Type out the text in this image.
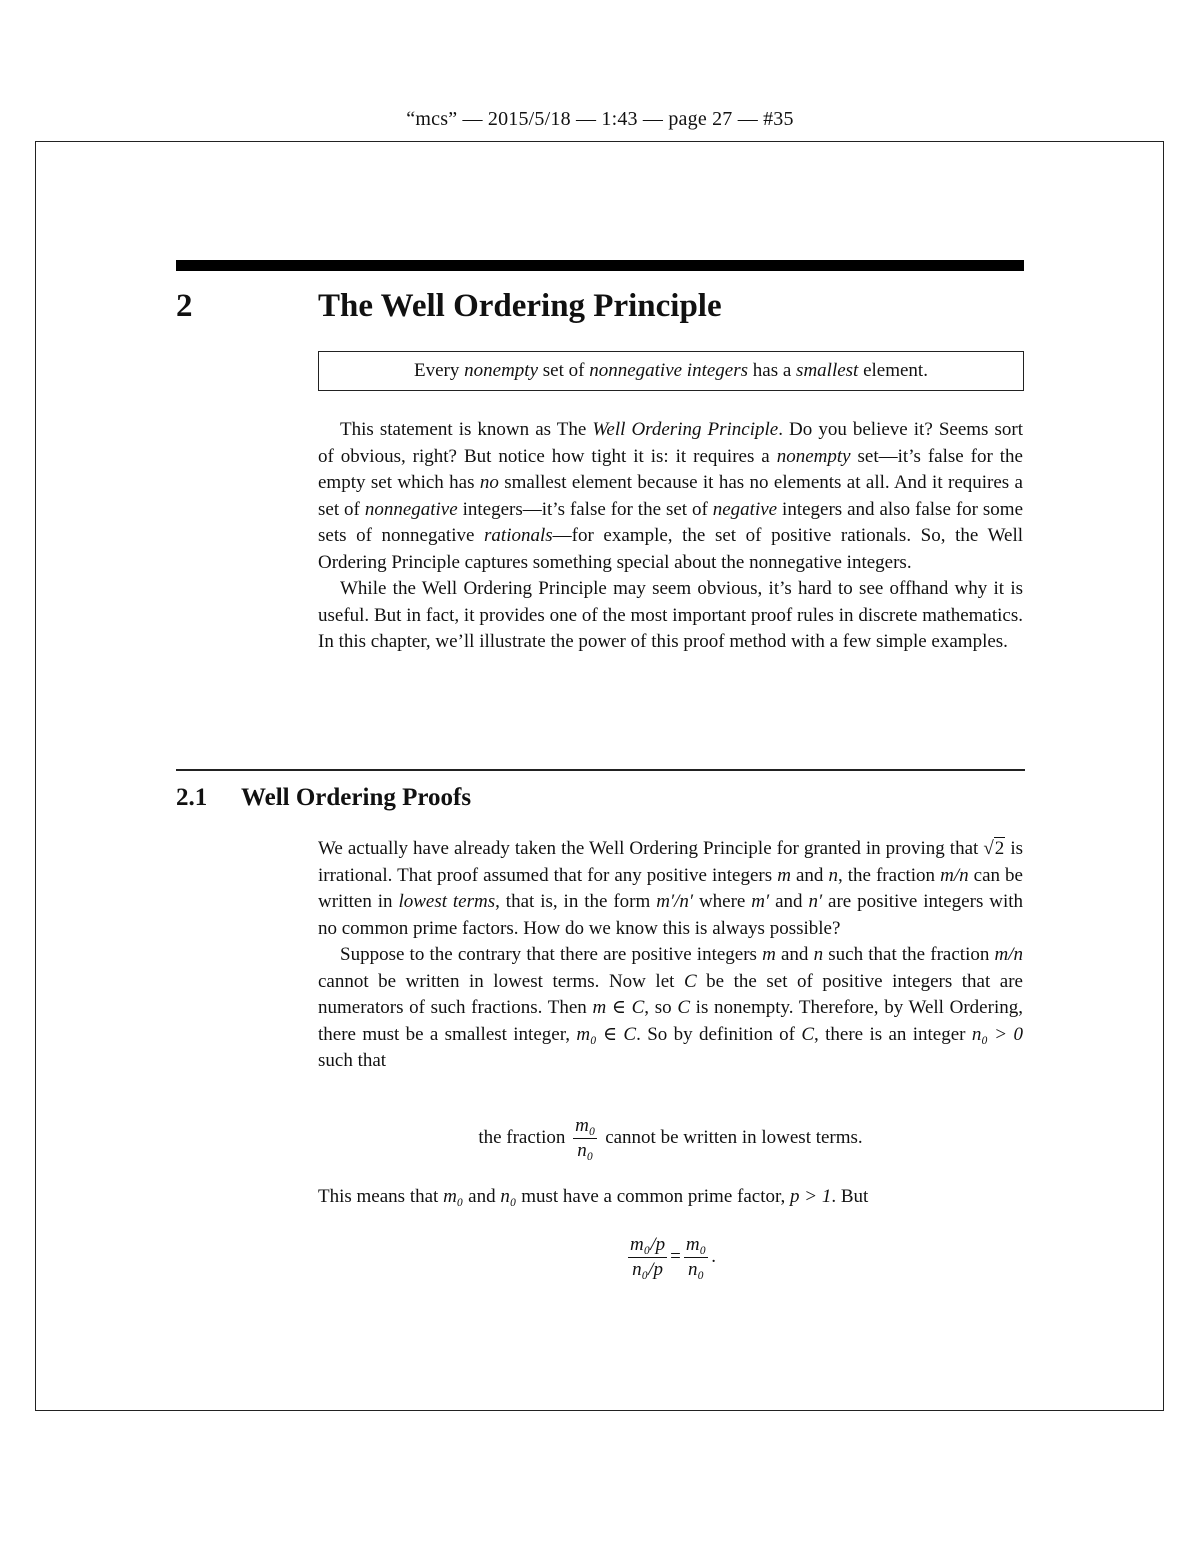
“mcs” — 2015/5/18 — 1:43 — page 27 — #35
2	The Well Ordering Principle
Every nonempty set of nonnegative integers has a smallest element.

This statement is known as The Well Ordering Principle. Do you believe it? Seems sort of obvious, right? But notice how tight it is: it requires a nonempty set—it’s false for the empty set which has no smallest element because it has no elements at all. And it requires a set of nonnegative integers—it’s false for the set of negative integers and also false for some sets of nonnegative rationals—for example, the set of positive rationals. So, the Well Ordering Principle captures something special about the nonnegative integers.

While the Well Ordering Principle may seem obvious, it’s hard to see offhand why it is useful. But in fact, it provides one of the most important proof rules in discrete mathematics. In this chapter, we’ll illustrate the power of this proof method with a few simple examples.

2.1 Well Ordering Proofs

We actually have already taken the Well Ordering Principle for granted in proving that √2 is irrational. That proof assumed that for any positive integers m and n, the fraction m/n can be written in lowest terms, that is, in the form m′/n′ where m′ and n′ are positive integers with no common prime factors. How do we know this is always possible?

Suppose to the contrary that there are positive integers m and n such that the fraction m/n cannot be written in lowest terms. Now let C be the set of positive integers that are numerators of such fractions. Then m ∈ C, so C is nonempty. Therefore, by Well Ordering, there must be a smallest integer, m₀ ∈ C. So by definition of C, there is an integer n₀ > 0 such that

the fraction $\frac{\text{m₀}}{\text{n₀}}$ cannot be written in lowest terms.

This means that m₀ and n₀ must have a common prime factor, p > 1. But

$\frac{\text{m₀/p}}{\text{n₀/p}} = \frac{\text{m₀}}{\text{n₀}}$ .
